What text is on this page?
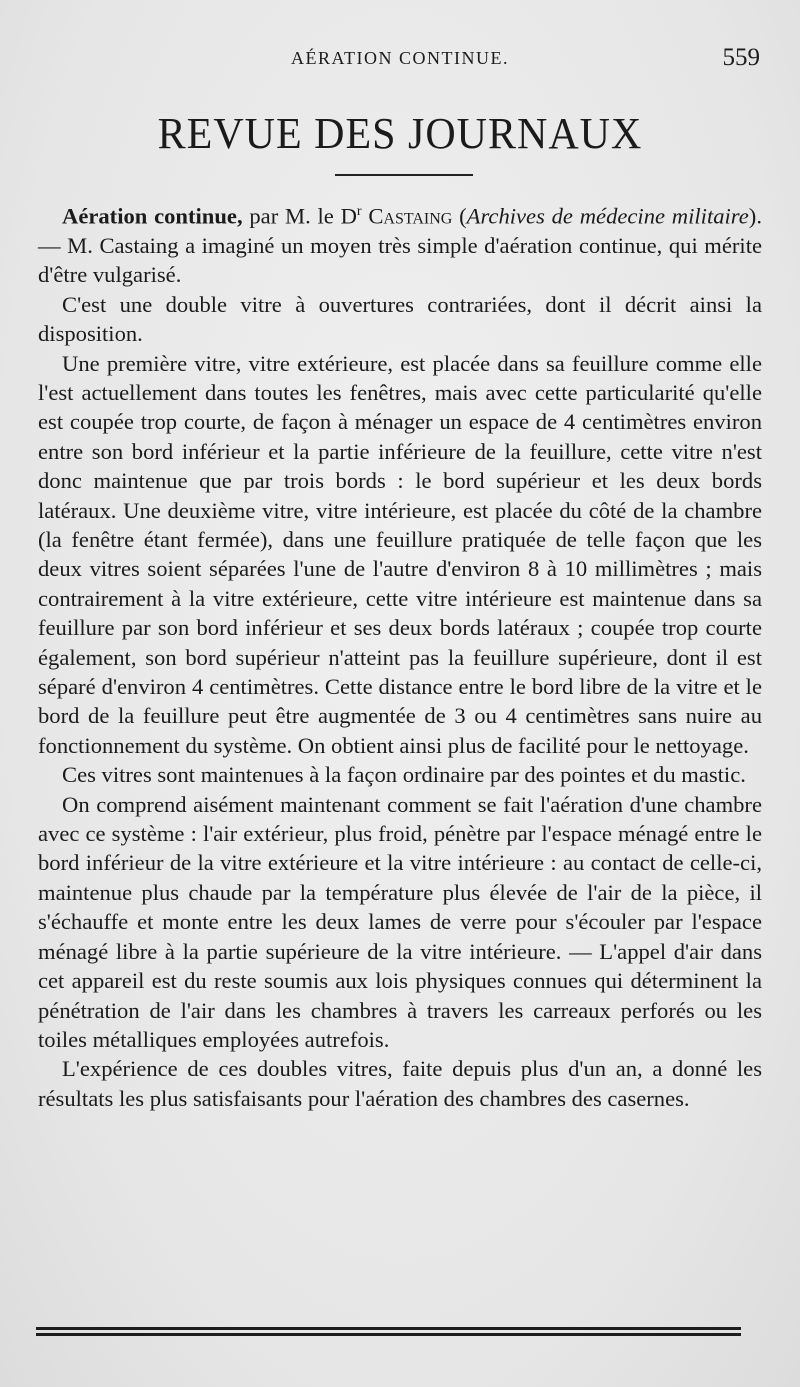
AÉRATION CONTINUE.	559
REVUE DES JOURNAUX

Aération continue, par M. le $D^r$ Castaing (Archives de médecine militaire). — M. Castaing a imaginé un moyen très simple d'aération continue, qui mérite d'être vulgarisé.

C'est une double vitre à ouvertures contrariées, dont il décrit ainsi la disposition.

Une première vitre, vitre extérieure, est placée dans sa feuillure comme elle l'est actuellement dans toutes les fenêtres, mais avec cette particularité qu'elle est coupée trop courte, de façon à ménager un espace de 4 centimètres environ entre son bord inférieur et la partie inférieure de la feuillure, cette vitre n'est donc maintenue que par trois bords : le bord supérieur et les deux bords latéraux. Une deuxième vitre, vitre intérieure, est placée du côté de la chambre (la fenêtre étant fermée), dans une feuillure pratiquée de telle façon que les deux vitres soient séparées l'une de l'autre d'environ 8 à 10 millimètres ; mais contrairement à la vitre extérieure, cette vitre intérieure est maintenue dans sa feuillure par son bord inférieur et ses deux bords latéraux ; coupée trop courte également, son bord supérieur n'atteint pas la feuillure supérieure, dont il est séparé d'environ 4 centimètres. Cette distance entre le bord libre de la vitre et le bord de la feuillure peut être augmentée de 3 ou 4 centimètres sans nuire au fonctionnement du système. On obtient ainsi plus de facilité pour le nettoyage.

Ces vitres sont maintenues à la façon ordinaire par des pointes et du mastic.

On comprend aisément maintenant comment se fait l'aération d'une chambre avec ce système : l'air extérieur, plus froid, pénètre par l'espace ménagé entre le bord inférieur de la vitre extérieure et la vitre intérieure : au contact de celle-ci, maintenue plus chaude par la température plus élevée de l'air de la pièce, il s'échauffe et monte entre les deux lames de verre pour s'écouler par l'espace ménagé libre à la partie supérieure de la vitre intérieure. — L'appel d'air dans cet appareil est du reste soumis aux lois physiques connues qui déterminent la pénétration de l'air dans les chambres à travers les carreaux perforés ou les toiles métalliques employées autrefois.

L'expérience de ces doubles vitres, faite depuis plus d'un an, a donné les résultats les plus satisfaisants pour l'aération des chambres des casernes.
